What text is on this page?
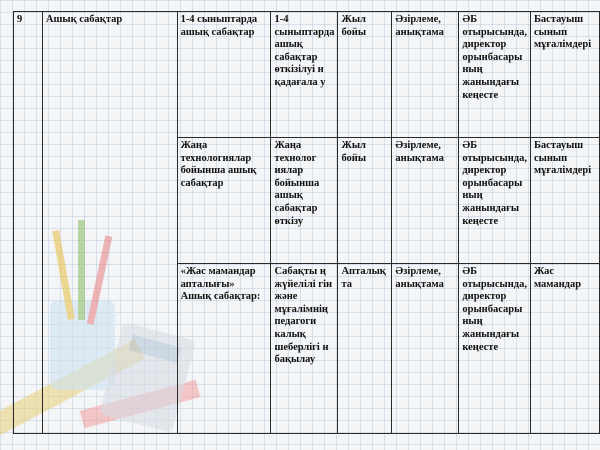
9	Ашық сабақтар	1-4 сыныптарда ашық сабақтар	1-4 сыныптарда ашық сабақтар өткізілуі н қадағала у	Жыл бойы	Әзірлеме, анықтама	ӘБ отырысында, директор орынбасары ның жанындағы кеңесте	Бастауыш сынып мұғалімдері
		Жаңа технологиялар бойынша ашық сабақтар	Жаңа технолог иялар бойынша ашық сабақтар өткізу	Жыл бойы	Әзірлеме, анықтама	ӘБ отырысында, директор орынбасары ның жанындағы кеңесте	Бастауыш сынып мұғалімдері
		«Жас мамандар апталығы» Ашық сабақтар:	Сабақты ң жүйелілі гін және мұғалімнің педагоги калық шеберлігі н бақылау	Апталық та	Әзірлеме, анықтама	ӘБ отырысында, директор орынбасары ның жанындағы кеңесте	Жас мамандар
